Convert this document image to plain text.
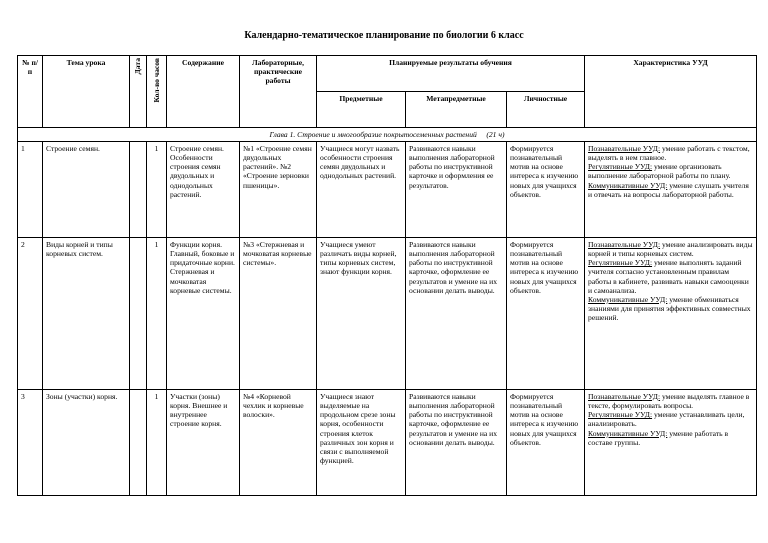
Календарно-тематическое планирование по биологии 6 класс
№ п/п	Тема урока	Дата	Кол-во часов	Содержание	Лабораторные, практические работы	Планируемые результаты обучения			Характеристика УУД
						Предметные	Метапредметные	Личностные	
Глава 1. Строение и многообразие покрытосеменных растений (21 ч)									
1	Строение семян.		1	Строение семян. Особенности строения семян двудольных и однодольных растений.	№1 «Строение семян двудольных растений». №2 «Строение зерновки пшеницы».	Учащиеся могут назвать особенности строения семян двудольных и однодольных растений.	Развиваются навыки выполнения лабораторной работы по инструктивной карточке и оформления ее результатов.	Формируется познавательный мотив на основе интереса к изучению новых для учащихся объектов.	Познавательные УУД: умение работать с текстом, выделять в нем главное.
Регулятивные УУД: умение организовать выполнение лабораторной работы по плану.
Коммуникативные УУД: умение слушать учителя и отвечать на вопросы лабораторной работы.

2	Виды корней и типы корневых систем.		1	Функции корня. Главный, боковые и придаточные корни. Стержневая и мочковатая корневые системы.	№3 «Стержневая и мочковатая корневые системы».	Учащиеся умеют различать виды корней, типы корневых систем, знают функции корня.	Развиваются навыки выполнения лабораторной работы по инструктивной карточке, оформление ее результатов и умение на их основании делать выводы.	Формируется познавательный мотив на основе интереса к изучению новых для учащихся объектов.	Познавательные УУД: умение анализировать виды корней и типы корневых систем.
Регулятивные УУД: умение выполнять заданий учителя согласно установленным правилам работы в кабинете, развивать навыки самооценки и самоанализа.
Коммуникативные УУД: умение обмениваться знаниями для принятия эффективных совместных решений.

3	Зоны (участки) корня.		1	Участки (зоны) корня. Внешнее и внутреннее строение корня.	№4 «Корневой чехлик и корневые волоски».	Учащиеся знают выделяемые на продольном срезе зоны корня, особенности строения клеток различных зон корня и связи с выполняемой функцией.	Развиваются навыки выполнения лабораторной работы по инструктивной карточке, оформление ее результатов и умение на их основании делать выводы.	Формируется познавательный мотив на основе интереса к изучению новых для учащихся объектов.	Познавательные УУД: умение выделять главное в тексте, формулировать вопросы.
Регулятивные УУД: умение устанавливать цели, анализировать.
Коммуникативные УУД: умение работать в составе группы.
